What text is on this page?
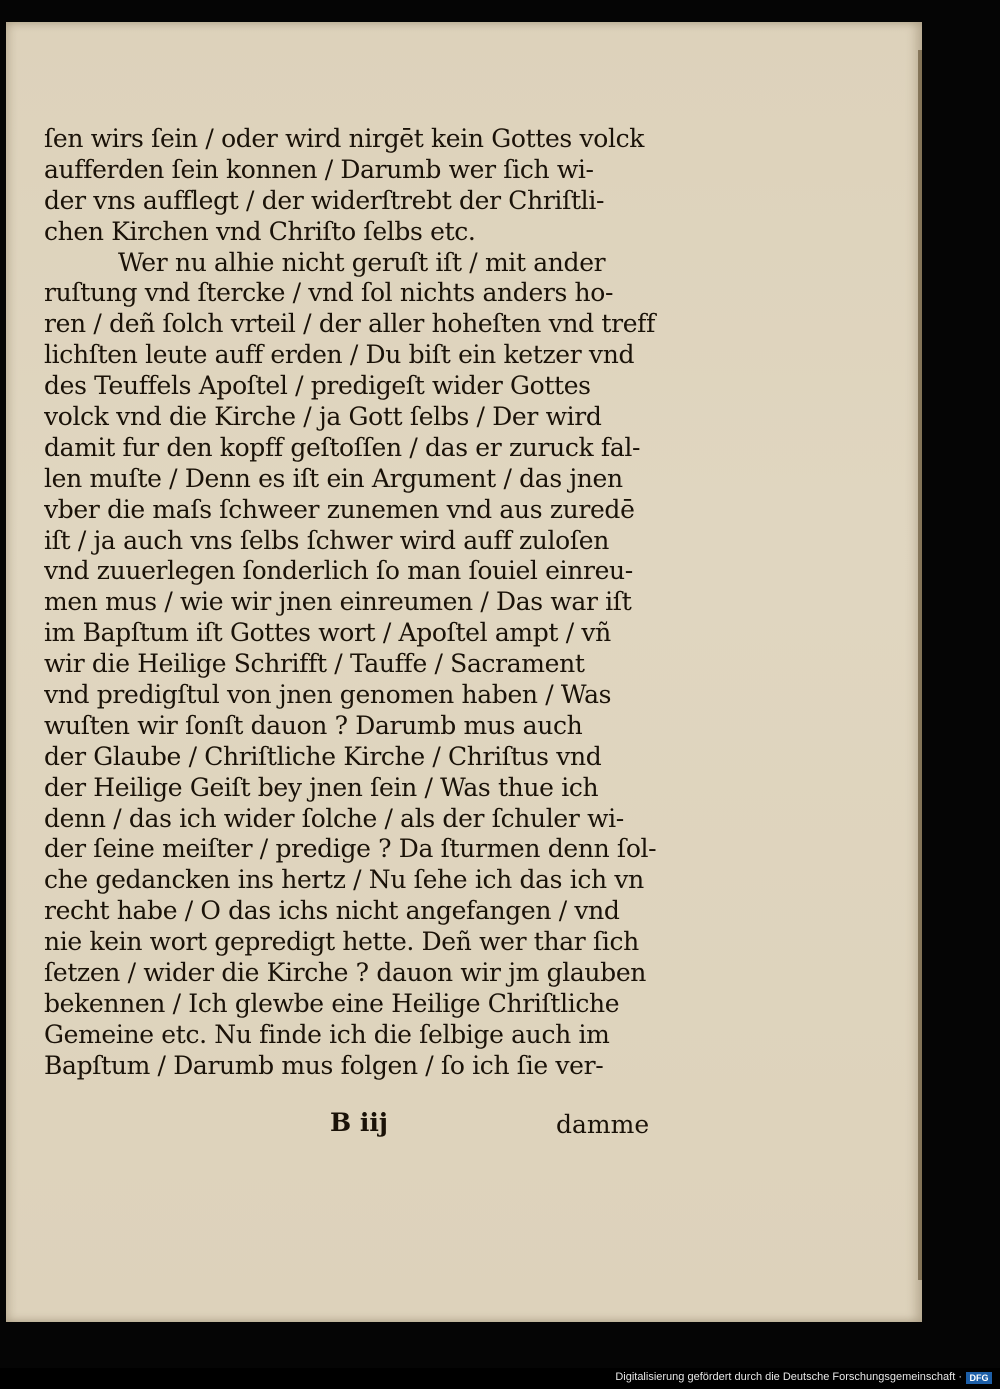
ſen wirs ſein / oder wird nirgēt kein Gottes volck
aufferden ſein konnen / Darumb wer ſich wi-
der vns aufflegt / der widerſtrebt der Chriſtli-
chen Kirchen vnd Chriſto ſelbs etc.
Wer nu alhie nicht geruſt iſt / mit ander
ruſtung vnd ſtercke / vnd ſol nichts anders ho-
ren / deñ ſolch vrteil / der aller hoheſten vnd treff
lichſten leute auff erden / Du biſt ein ketzer vnd
des Teuffels Apoſtel / predigeſt wider Gottes
volck vnd die Kirche / ja Gott ſelbs / Der wird
damit fur den kopff geſtoſſen / das er zuruck fal-
len muſte / Denn es iſt ein Argument / das jnen
vber die maſs ſchweer zunemen vnd aus zuredē
iſt / ja auch vns ſelbs ſchwer wird auff zuloſen
vnd zuuerlegen ſonderlich ſo man ſouiel einreu-
men mus / wie wir jnen einreumen / Das war iſt
im Bapſtum iſt Gottes wort / Apoſtel ampt / vñ
wir die Heilige Schrifft / Tauffe / Sacrament
vnd predigſtul von jnen genomen haben / Was
wuſten wir ſonſt dauon ? Darumb mus auch
der Glaube / Chriſtliche Kirche / Chriſtus vnd
der Heilige Geiſt bey jnen ſein / Was thue ich
denn / das ich wider ſolche / als der ſchuler wi-
der ſeine meiſter / predige ? Da ſturmen denn ſol-
che gedancken ins hertz / Nu ſehe ich das ich vn
recht habe / O das ichs nicht angefangen / vnd
nie kein wort gepredigt hette. Deñ wer thar ſich
ſetzen / wider die Kirche ? dauon wir jm glauben
bekennen / Ich glewbe eine Heilige Chriſtliche
Gemeine etc. Nu finde ich die ſelbige auch im
Bapſtum / Darumb mus folgen / ſo ich ſie ver-
B iij	damme
Digitalisierung gefördert durch die Deutsche Forschungsgemeinschaft · DFG
